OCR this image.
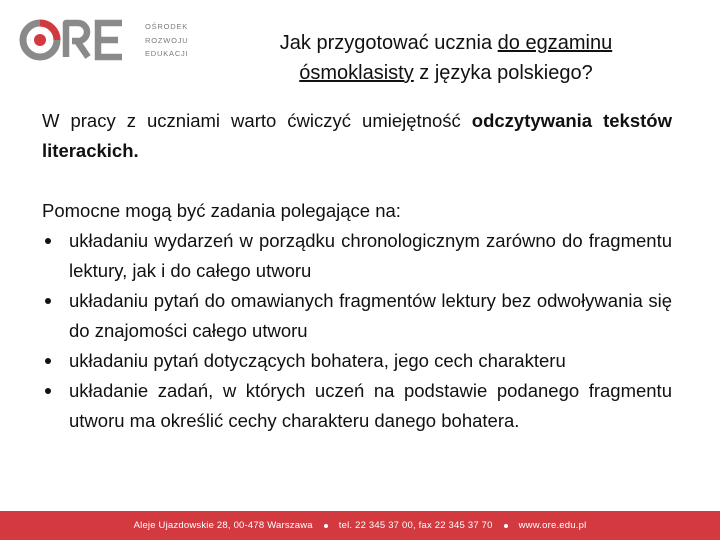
ORE
OŚRODEK
ROZWOJU
EDUKACJI	Jak przygotować ucznia do egzaminu
ósmoklasisty z języka polskiego?

W pracy z uczniami warto ćwiczyć umiejętność odczytywania tekstów literackich.

Pomocne mogą być zadania polegające na:

układaniu wydarzeń w porządku chronologicznym zarówno do fragmentu lektury, jak i do całego utworu
układaniu pytań do omawianych fragmentów lektury bez odwoływania się do znajomości całego utworu
układaniu pytań dotyczących bohatera, jego cech charakteru
układanie zadań, w których uczeń na podstawie podanego fragmentu utworu ma określić cechy charakteru danego bohatera.
Aleje Ujazdowskie 28, 00-478 Warszawa	tel. 22 345 37 00, fax 22 345 37 70	www.ore.edu.pl
